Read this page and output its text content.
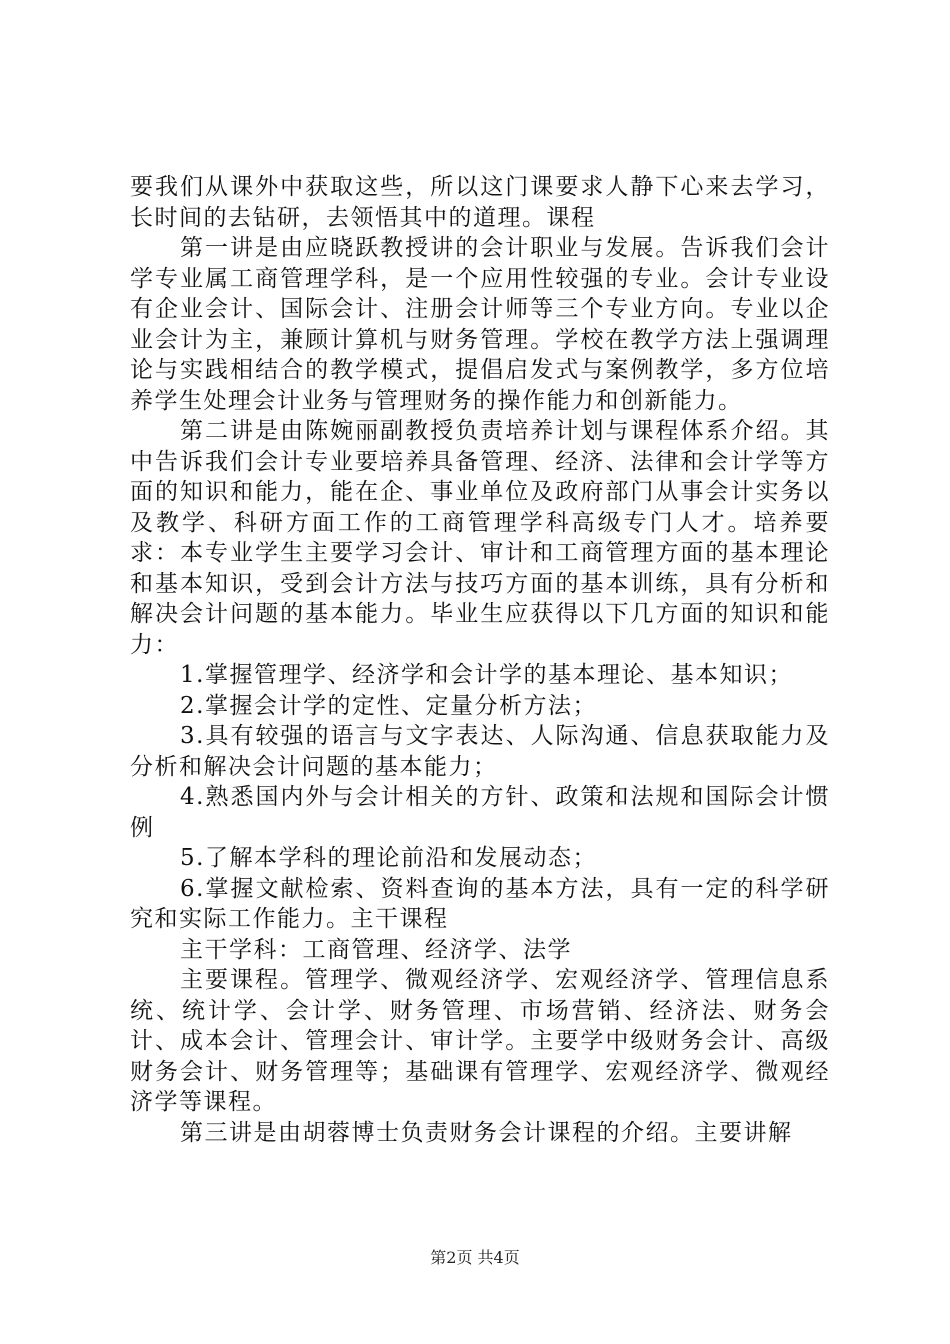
要我们从课外中获取这些，所以这门课要求人静下心来去学习，长时间的去钻研，去领悟其中的道理。课程

第一讲是由应晓跃教授讲的会计职业与发展。告诉我们会计学专业属工商管理学科，是一个应用性较强的专业。会计专业设有企业会计、国际会计、注册会计师等三个专业方向。专业以企业会计为主，兼顾计算机与财务管理。学校在教学方法上强调理论与实践相结合的教学模式，提倡启发式与案例教学，多方位培养学生处理会计业务与管理财务的操作能力和创新能力。

第二讲是由陈婉丽副教授负责培养计划与课程体系介绍。其中告诉我们会计专业要培养具备管理、经济、法律和会计学等方面的知识和能力，能在企、事业单位及政府部门从事会计实务以及教学、科研方面工作的工商管理学科高级专门人才。培养要求：本专业学生主要学习会计、审计和工商管理方面的基本理论和基本知识，受到会计方法与技巧方面的基本训练，具有分析和解决会计问题的基本能力。毕业生应获得以下几方面的知识和能力：

1.掌握管理学、经济学和会计学的基本理论、基本知识；

2.掌握会计学的定性、定量分析方法；

3.具有较强的语言与文字表达、人际沟通、信息获取能力及分析和解决会计问题的基本能力；

4.熟悉国内外与会计相关的方针、政策和法规和国际会计惯例

5.了解本学科的理论前沿和发展动态；

6.掌握文献检索、资料查询的基本方法，具有一定的科学研究和实际工作能力。主干课程

主干学科：工商管理、经济学、法学

主要课程。管理学、微观经济学、宏观经济学、管理信息系统、统计学、会计学、财务管理、市场营销、经济法、财务会计、成本会计、管理会计、审计学。主要学中级财务会计、高级财务会计、财务管理等；基础课有管理学、宏观经济学、微观经济学等课程。

第三讲是由胡蓉博士负责财务会计课程的介绍。主要讲解

第2页 共4页
